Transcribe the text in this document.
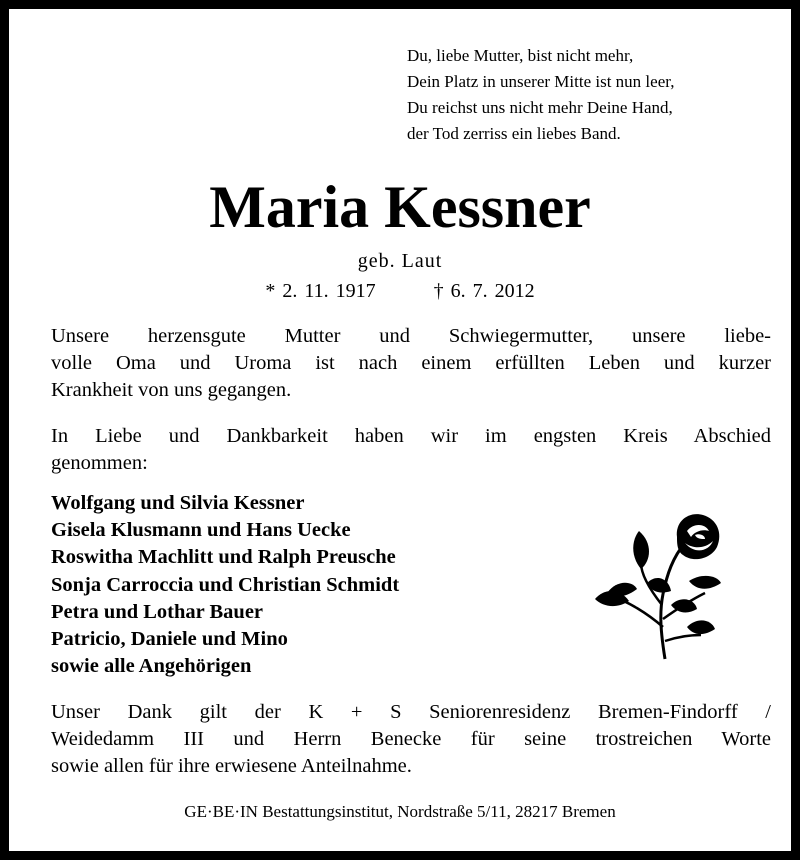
Du, liebe Mutter, bist nicht mehr,
Dein Platz in unserer Mitte ist nun leer,
Du reichst uns nicht mehr Deine Hand,
der Tod zerriss ein liebes Band.
Maria Kessner
geb. Laut
* 2. 11. 1917	† 6. 7. 2012
Unsere herzensgute Mutter und Schwiegermutter, unsere liebe-
volle Oma und Uroma ist nach einem erfüllten Leben und kurzer
Krankheit von uns gegangen.
In Liebe und Dankbarkeit haben wir im engsten Kreis Abschied
genommen:
Wolfgang und Silvia Kessner
Gisela Klusmann und Hans Uecke
Roswitha Machlitt und Ralph Preusche
Sonja Carroccia und Christian Schmidt
Petra und Lothar Bauer
Patricio, Daniele und Mino
sowie alle Angehörigen
Unser Dank gilt der K + S Seniorenresidenz Bremen-Findorff /
Weidedamm III und Herrn Benecke für seine trostreichen Worte
sowie allen für ihre erwiesene Anteilnahme.
GE·BE·IN Bestattungsinstitut, Nordstraße 5/11, 28217 Bremen
